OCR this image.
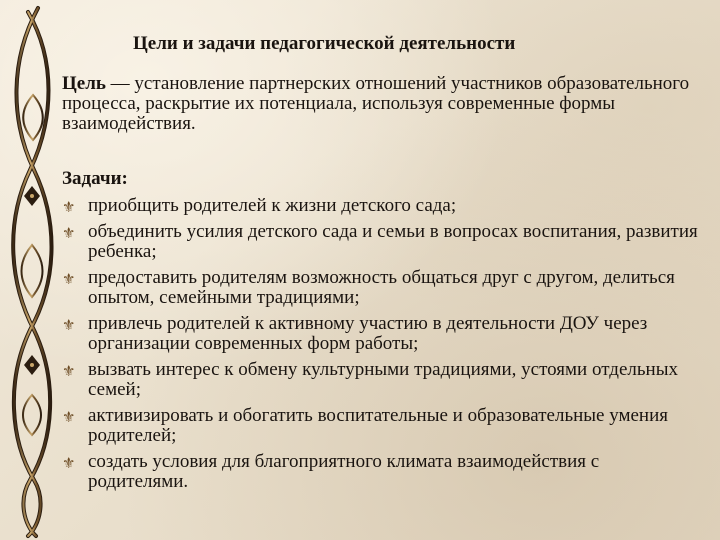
Цели и задачи педагогической деятельности
Цель — установление партнерских отношений участников образовательного процесса, раскрытие их потенциала, используя современные формы взаимодействия.
Задачи:
⚜ приобщить родителей к жизни детского сада;
⚜ объединить усилия детского сада и семьи в вопросах воспитания, развития ребенка;
⚜ предоставить родителям возможность общаться друг с другом, делиться опытом, семейными традициями;
⚜ привлечь родителей к активному участию в деятельности ДОУ через организации современных форм работы;
⚜ вызвать интерес к обмену культурными традициями, устоями отдельных семей;
⚜ активизировать и обогатить воспитательные и образовательные умения родителей;
⚜ создать условия для благоприятного климата взаимодействия с родителями.
